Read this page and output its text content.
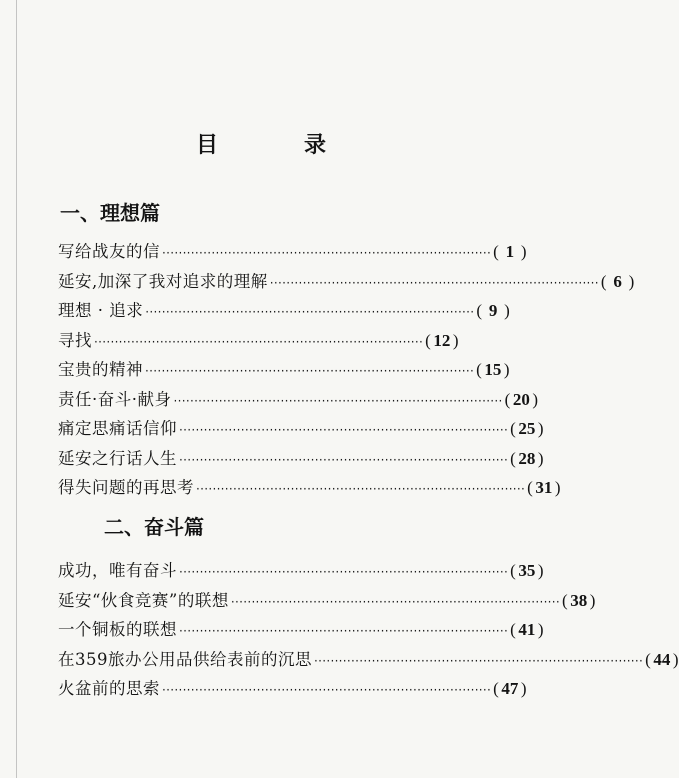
目	录
一、理想篇
写给战友的信 ················································································ ( 1 )
延安,加深了我对追求的理解 ················································································ ( 6 )
理想 · 追求 ················································································ ( 9 )
寻找 ················································································ ( 12 )
宝贵的精神 ················································································ ( 15 )
责任·奋斗·献身 ················································································ ( 20 )
痛定思痛话信仰 ················································································ ( 25 )
延安之行话人生 ················································································ ( 28 )
得失问题的再思考 ················································································ ( 31 )
二、奋斗篇
成功，唯有奋斗 ················································································ ( 35 )
延安“伙食竞赛”的联想 ················································································ ( 38 )
一个铜板的联想 ················································································ ( 41 )
在359旅办公用品供给表前的沉思 ················································································ ( 44 )
火盆前的思索 ················································································ ( 47 )
